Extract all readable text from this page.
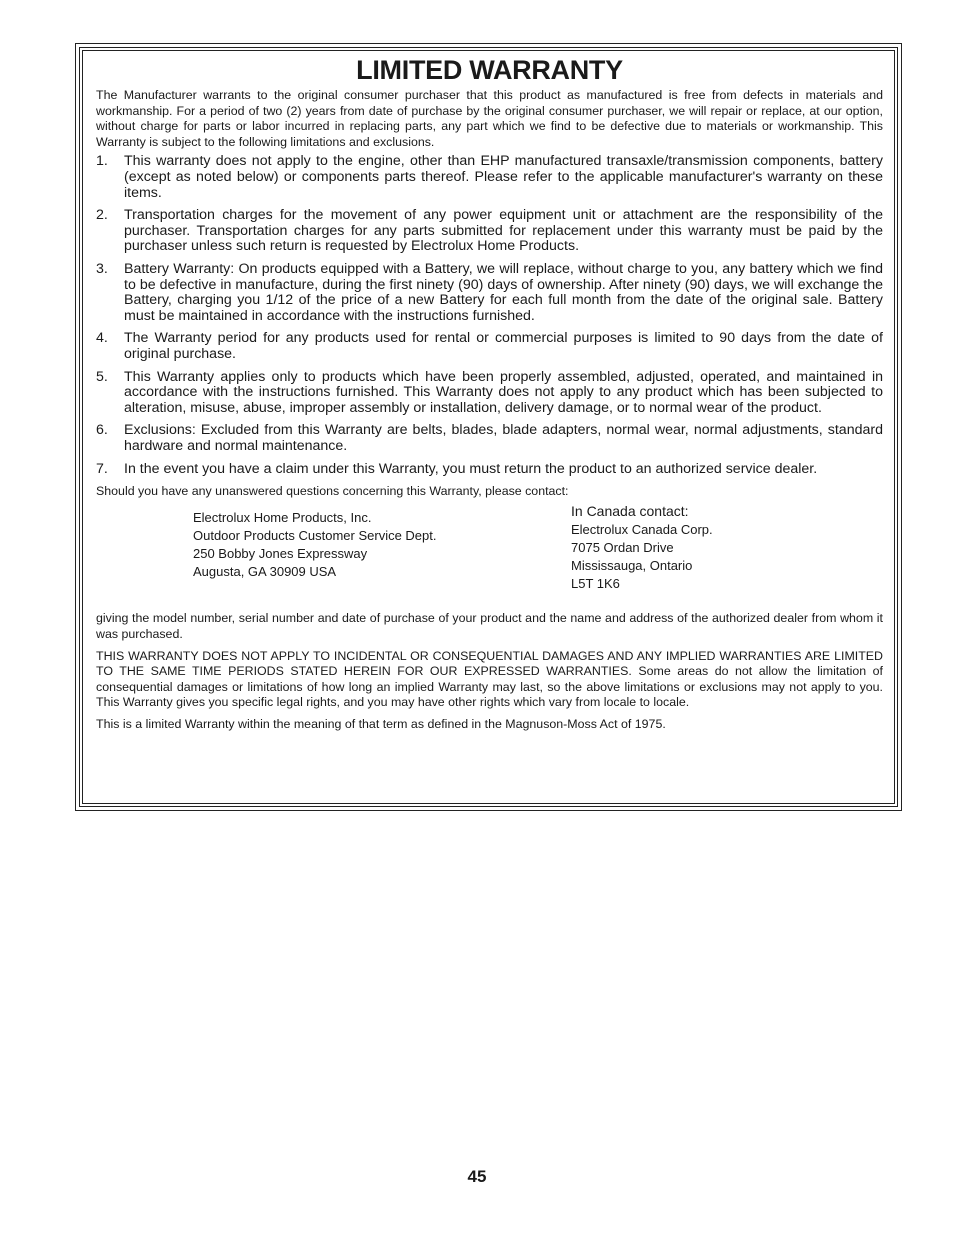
LIMITED WARRANTY

The Manufacturer warrants to the original consumer purchaser that this product as manufactured is free from defects in materials and workmanship. For a period of two (2) years from date of purchase by the original consumer purchaser, we will repair or replace, at our option, without charge for parts or labor incurred in replacing parts, any part which we find to be defective due to materials or workmanship. This Warranty is subject to the following limitations and exclusions.

1. This warranty does not apply to the engine, other than EHP manufactured transaxle/transmission components, battery (except as noted below) or components parts thereof. Please refer to the applicable manufacturer's warranty on these items.
2. Transportation charges for the movement of any power equipment unit or attachment are the responsibility of the purchaser. Transportation charges for any parts submitted for replacement under this warranty must be paid by the purchaser unless such return is requested by Electrolux Home Products.
3. Battery Warranty: On products equipped with a Battery, we will replace, without charge to you, any battery which we find to be defective in manufacture, during the first ninety (90) days of ownership. After ninety (90) days, we will exchange the Battery, charging you 1/12 of the price of a new Battery for each full month from the date of the original sale. Battery must be maintained in accordance with the instructions furnished.
4. The Warranty period for any products used for rental or commercial purposes is limited to 90 days from the date of original purchase.
5. This Warranty applies only to products which have been properly assembled, adjusted, operated, and maintained in accordance with the instructions furnished. This Warranty does not apply to any product which has been subjected to alteration, misuse, abuse, improper assembly or installation, delivery damage, or to normal wear of the product.
6. Exclusions: Excluded from this Warranty are belts, blades, blade adapters, normal wear, normal adjustments, standard hardware and normal maintenance.
7. In the event you have a claim under this Warranty, you must return the product to an authorized service dealer.

Should you have any unanswered questions concerning this Warranty, please contact:

Electrolux Home Products, Inc.
Outdoor Products Customer Service Dept.
250 Bobby Jones Expressway
Augusta, GA 30909 USA
In Canada contact:
Electrolux Canada Corp.
7075 Ordan Drive
Mississauga, Ontario
L5T 1K6

giving the model number, serial number and date of purchase of your product and the name and address of the authorized dealer from whom it was purchased.

THIS WARRANTY DOES NOT APPLY TO INCIDENTAL OR CONSEQUENTIAL DAMAGES AND ANY IMPLIED WARRANTIES ARE LIMITED TO THE SAME TIME PERIODS STATED HEREIN FOR OUR EXPRESSED WARRANTIES. Some areas do not allow the limitation of consequential damages or limitations of how long an implied Warranty may last, so the above limitations or exclusions may not apply to you. This Warranty gives you specific legal rights, and you may have other rights which vary from locale to locale.

This is a limited Warranty within the meaning of that term as defined in the Magnuson-Moss Act of 1975.

45
